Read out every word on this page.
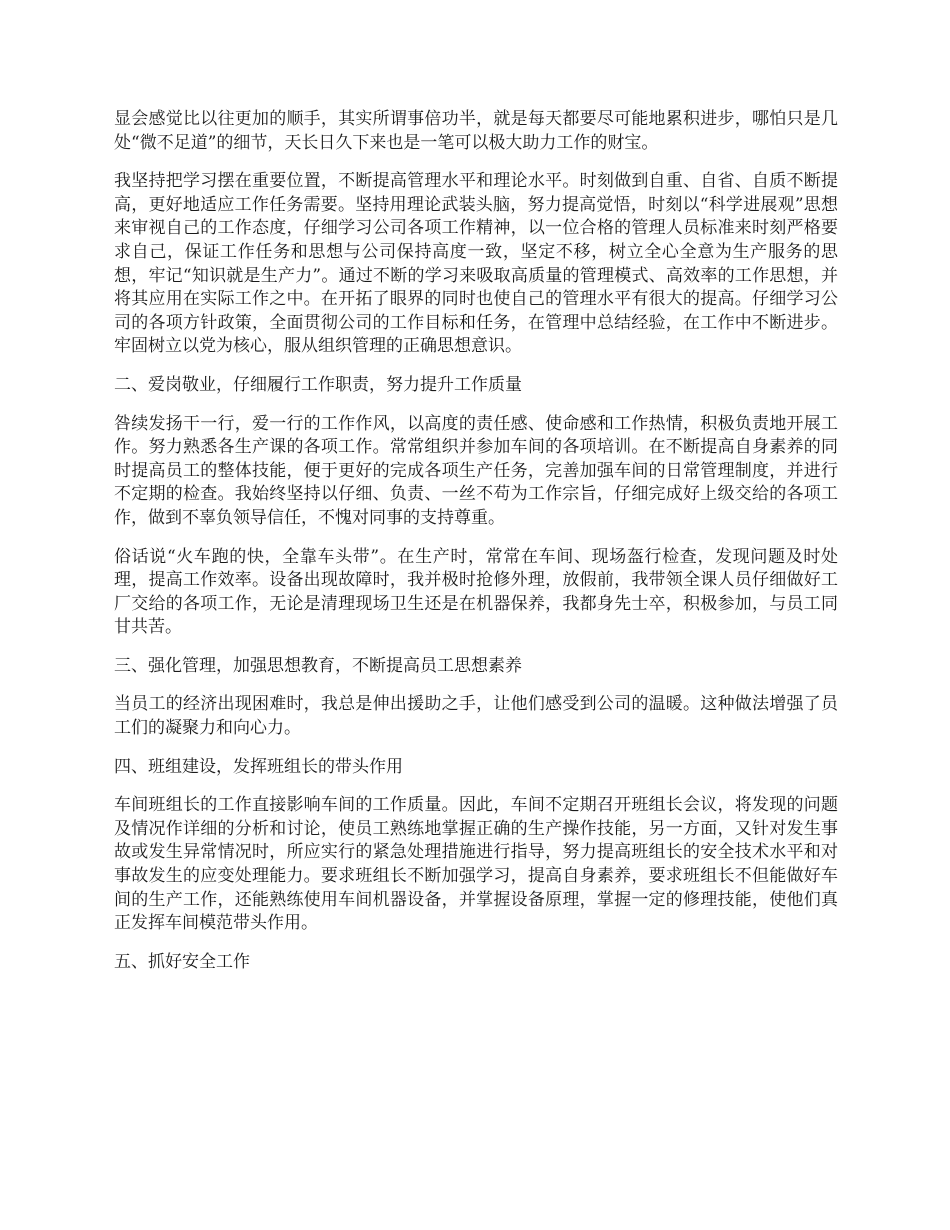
显会感觉比以往更加的顺手，其实所谓事倍功半，就是每天都要尽可能地累积进步，哪怕只是几处“微不足道”的细节，天长日久下来也是一笔可以极大助力工作的财宝。

我坚持把学习摆在重要位置，不断提高管理水平和理论水平。时刻做到自重、自省、自质不断提高，更好地适应工作任务需要。坚持用理论武装头脑，努力提高觉悟，时刻以“科学进展观”思想来审视自己的工作态度，仔细学习公司各项工作精神，以一位合格的管理人员标准来时刻严格要求自己，保证工作任务和思想与公司保持高度一致，坚定不移，树立全心全意为生产服务的思想，牢记“知识就是生产力”。通过不断的学习来吸取高质量的管理模式、高效率的工作思想，并将其应用在实际工作之中。在开拓了眼界的同时也使自己的管理水平有很大的提高。仔细学习公司的各项方针政策，全面贯彻公司的工作目标和任务，在管理中总结经验，在工作中不断进步。牢固树立以党为核心，服从组织管理的正确思想意识。

二、爱岗敬业，仔细履行工作职责，努力提升工作质量

咎续发扬干一行，爱一行的工作作风，以高度的责任感、使命感和工作热情，积极负责地开展工作。努力熟悉各生产课的各项工作。常常组织并参加车间的各项培训。在不断提高自身素养的同时提高员工的整体技能，便于更好的完成各项生产任务，完善加强车间的日常管理制度，并进行不定期的检查。我始终坚持以仔细、负责、一丝不苟为工作宗旨，仔细完成好上级交给的各项工作，做到不辜负领导信任，不愧对同事的支持尊重。

俗话说“火车跑的快，全靠车头带”。在生产时，常常在车间、现场盔行检查，发现问题及时处理，提高工作效率。设备出现故障时，我并极时抢修外理，放假前，我带领全课人员仔细做好工厂交给的各项工作，无论是清理现场卫生还是在机器保养，我都身先士卒，积极参加，与员工同甘共苦。

三、强化管理，加强思想教育，不断提高员工思想素养

当员工的经济出现困难时，我总是伸出援助之手，让他们感受到公司的温暖。这种做法增强了员工们的凝聚力和向心力。

四、班组建设，发挥班组长的带头作用

车间班组长的工作直接影响车间的工作质量。因此，车间不定期召开班组长会议，将发现的问题及情况作详细的分析和讨论，使员工熟练地掌握正确的生产操作技能，另一方面，又针对发生事故或发生异常情况时，所应实行的紧急处理措施进行指导，努力提高班组长的安全技术水平和对事故发生的应变处理能力。要求班组长不断加强学习，提高自身素养，要求班组长不但能做好车间的生产工作，还能熟练使用车间机器设备，并掌握设备原理，掌握一定的修理技能，使他们真正发挥车间模范带头作用。

五、抓好安全工作
